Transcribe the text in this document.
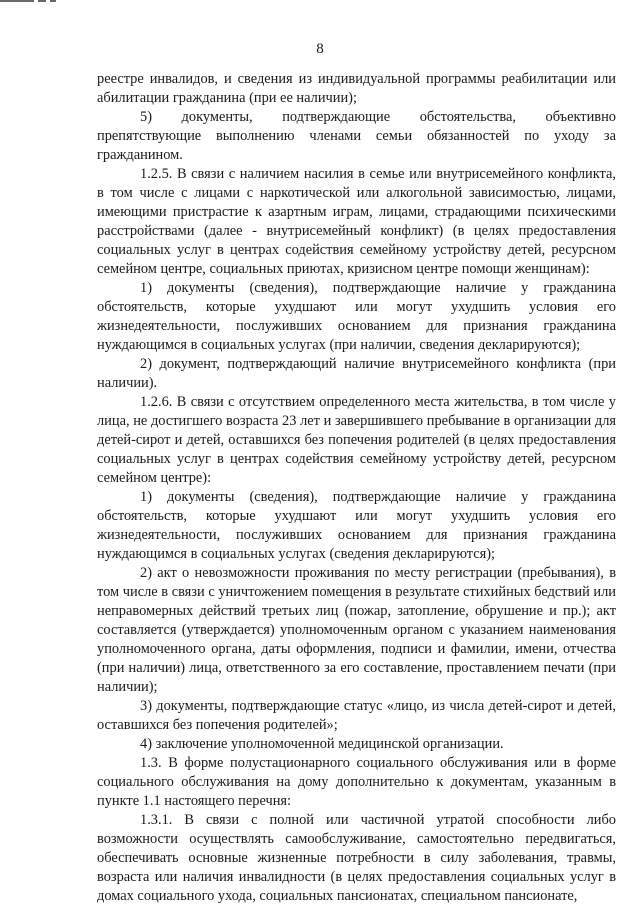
8

реестре инвалидов, и сведения из индивидуальной программы реабилитации или абилитации гражданина (при ее наличии);

5) документы, подтверждающие обстоятельства, объективно препятствующие выполнению членами семьи обязанностей по уходу за гражданином.

1.2.5. В связи с наличием насилия в семье или внутрисемейного конфликта, в том числе с лицами с наркотической или алкогольной зависимостью, лицами, имеющими пристрастие к азартным играм, лицами, страдающими психическими расстройствами (далее - внутрисемейный конфликт) (в целях предоставления социальных услуг в центрах содействия семейному устройству детей, ресурсном семейном центре, социальных приютах, кризисном центре помощи женщинам):

1) документы (сведения), подтверждающие наличие у гражданина обстоятельств, которые ухудшают или могут ухудшить условия его жизнедеятельности, послуживших основанием для признания гражданина нуждающимся в социальных услугах (при наличии, сведения декларируются);

2) документ, подтверждающий наличие внутрисемейного конфликта (при наличии).

1.2.6. В связи с отсутствием определенного места жительства, в том числе у лица, не достигшего возраста 23 лет и завершившего пребывание в организации для детей-сирот и детей, оставшихся без попечения родителей (в целях предоставления социальных услуг в центрах содействия семейному устройству детей, ресурсном семейном центре):

1) документы (сведения), подтверждающие наличие у гражданина обстоятельств, которые ухудшают или могут ухудшить условия его жизнедеятельности, послуживших основанием для признания гражданина нуждающимся в социальных услугах (сведения декларируются);

2) акт о невозможности проживания по месту регистрации (пребывания), в том числе в связи с уничтожением помещения в результате стихийных бедствий или неправомерных действий третьих лиц (пожар, затопление, обрушение и пр.); акт составляется (утверждается) уполномоченным органом с указанием наименования уполномоченного органа, даты оформления, подписи и фамилии, имени, отчества (при наличии) лица, ответственного за его составление, проставлением печати (при наличии);

3) документы, подтверждающие статус «лицо, из числа детей-сирот и детей, оставшихся без попечения родителей»;

4) заключение уполномоченной медицинской организации.

1.3. В форме полустационарного социального обслуживания или в форме социального обслуживания на дому дополнительно к документам, указанным в пункте 1.1 настоящего перечня:

1.3.1. В связи с полной или частичной утратой способности либо возможности осуществлять самообслуживание, самостоятельно передвигаться, обеспечивать основные жизненные потребности в силу заболевания, травмы, возраста или наличия инвалидности (в целях предоставления социальных услуг в домах социального ухода, социальных пансионатах, специальном пансионате,
